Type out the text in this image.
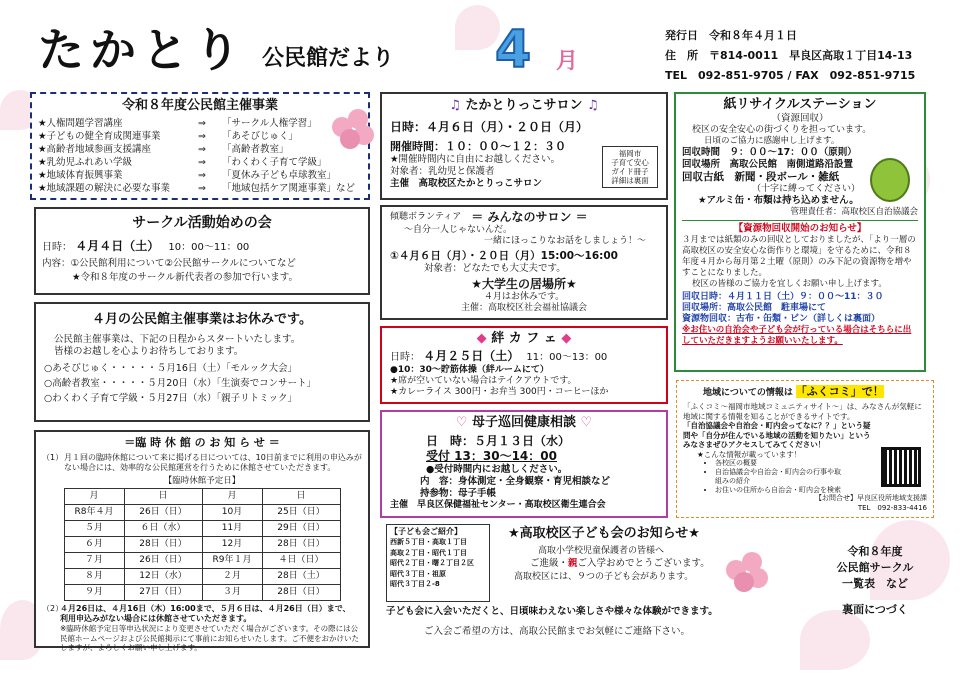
たかとり 公民館だより 4 月
発行日　令和８年４月１日
住　所　〒814-0011　早良区高取１丁目14-13
TEL　092-851-9705 / FAX　092-851-9715
令和８年度公民館主催事業
★人権問題学習講座	⇒	「サークル人権学習」
★子どもの健全育成関連事業	⇒	「あそびじゅく」
★高齢者地域参画支援講座	⇒	「高齢者教室」
★乳幼児ふれあい学級	⇒	「わくわく子育て学級」
★地域体育振興事業	⇒	「夏休み子ども卓球教室」
★地域課題の解決に必要な事業	⇒	「地域包括ケア関連事業」など
サークル活動始めの会
日時： ４月４日（土） 10：00～11：00
内容：①公民館利用について②公民館サークルについてなど
★令和８年度のサークル新代表者の参加で行います。
４月の公民館主催事業はお休みです。
公民館主催事業は、下記の日程からスタートいたします。
皆様のお越しを心よりお待ちしております。
○あそびじゅく・・・・・５月16日（土）「モルック大会」
○高齢者教室・・・・・５月20日（水）「生演奏でコンサート」
○わくわく子育て学級・５月27日（水）「親子リトミック」
＝臨 時 休 館 の お 知 ら せ ＝
（1） 月１回の臨時休館について来に掲げる日については、10日前までに利用の申込みがない場合には、効率的な公民館運営を行うために休館させていただきます。
【臨時休館予定日】
月	日	月	日
R8年４月	26日（日）	10月	25日（日）
５月	６日（水）	11月	29日（日）
６月	28日（日）	12月	28日（日）
７月	26日（日）	R9年１月	４日（日）
８月	12日（水）	２月	28日（土）
９月	27日（日）	３月	28日（日）
（2）
４月26日は、４月16日（木）16:00まで、５月６日は、４月26日（日）まで、　利用申込みがない場合には休館させていただきます。
※臨時休館予定日等申込状況により変更させていただく場合がございます。その際には公民館ホームページおよび公民館掲示にて事前にお知らせいたします。ご不便をおかけいたしますが、よろしくお願い申し上げます。
♫ たかとりっこサロン ♫
日時：４月６日（月）・２０日（月）
開催時間：１０：００～１２：３０
★開催時間内に自由にお越しください。
対象者：乳幼児と保護者
主催　高取校区たかとりっこサロン
福岡市
子育て安心
ガイド冊子
詳細は裏面
傾聴ボランティア ＝ みんなのサロン ＝
～自分一人じゃないんだ。
一緒にほっこりなお話をしましょう！～
①４月６日（月）・２０日（月）15:00～16:00
対象者：どなたでも大丈夫です。
★大学生の居場所★
４月はお休みです。
主催：高取校区社会福祉協議会
◆ 絆 カ フ ェ ◆
日時： ４月２５日（土） 11：00～13：00
●10：30～貯筋体操（絆ルームにて）
★席が空いていない場合はテイクアウトです。
★カレーライス 300円・お弁当 300円・コーヒーほか
♡ 母子巡回健康相談 ♡
日　時：５月１３日（水）
受付 13：30～14：00
●受付時間内にお越しください。
内　容：身体測定・全身観察・育児相談など
持参物：母子手帳
主催　早良区保健福祉センター・高取校区衛生連合会
紙リサイクルステーション
（資源回収）
校区の安全安心の街づくりを担っています。
日頃のご協力に感謝申し上げます。
回収時間　９：００～17：００（原則）
回収場所　高取公民館　南側道路沿設置
回収古紙　新聞・段ボール・雑紙
（十字に縛ってください）
★アルミ缶・布類は持ち込めません。
管理責任者：高取校区自治協議会
【資源物回収開始のお知らせ】
３月までは紙類のみの回収としておりましたが、「より一層の高取校区の安全安心な街作りと環境」を守るために、令和８年度４月から毎月第２土曜（原則）のみ下記の資源物を増やすことになりました。
校区の皆様のご協力を宜しくお願い申し上げます。
回収日時：４月１１日（土）９：００～11：３０
回収場所：高取公民館　駐車場にて
資源物回収：古布・缶類・ビン（詳しくは裏面）
※お住いの自治会や子ども会が行っている場合はそちらに出していただきますようお願いいたします。
地域についての情報は 「ふくコミ」で！
「ふくコミ～福岡市地域コミュニティサイト～」は、みなさんが気軽に地域に関する情報を知ることができるサイトです。
「自治協議会や自治会・町内会ってなに？？」という疑問や「自分が住んでいる地域の活動を知りたい」というみなさまぜひアクセスしてみてください！
★こんな情報が載っています！
• 各校区の概要
• 自治協議会や自治会・町内会の行事や取組みの紹介
• お住いの住所から自治会・町内会を検索
【お問合せ】早良区役所地域支援課
TEL　092-833-4416
【子ども会ご紹介】
西新５丁目・高取１丁目
高取２丁目・昭代１丁目
昭代２丁目・曙２丁目２区
昭代３丁目・祖原
昭代３丁目２-8
★高取校区子ども会のお知らせ★
高取小学校児童保護者の皆様へ
ご進級・親ご入学おめでとうございます。
高取校区には、９つの子ども会があります。
子ども会に入会いただくと、日頃味わえない楽しさや様々な体験ができます。
ご入会ご希望の方は、高取公民館までお気軽にご連絡下さい。
令和８年度
公民館サークル
一覧表　など
裏面につづく
